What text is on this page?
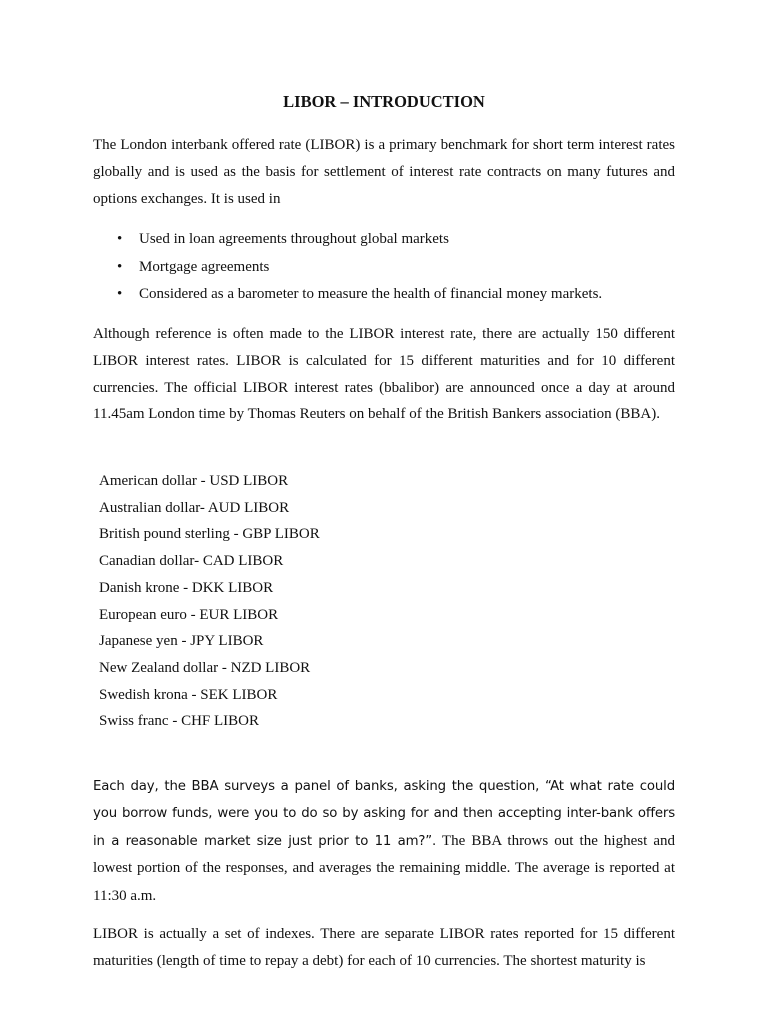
LIBOR – INTRODUCTION

The London interbank offered rate (LIBOR) is a primary benchmark for short term interest rates globally and is used as the basis for settlement of interest rate contracts on many futures and options exchanges. It is used in

• Used in loan agreements throughout global markets
• Mortgage agreements
• Considered as a barometer to measure the health of financial money markets.

Although reference is often made to the LIBOR interest rate, there are actually 150 different LIBOR interest rates. LIBOR is calculated for 15 different maturities and for 10 different currencies. The official LIBOR interest rates (bbalibor) are announced once a day at around 11.45am London time by Thomas Reuters on behalf of the British Bankers association (BBA).

American dollar - USD LIBOR
Australian dollar- AUD LIBOR
British pound sterling - GBP LIBOR
Canadian dollar- CAD LIBOR
Danish krone - DKK LIBOR
European euro - EUR LIBOR
Japanese yen - JPY LIBOR
New Zealand dollar - NZD LIBOR
Swedish krona - SEK LIBOR
Swiss franc - CHF LIBOR

Each day, the BBA surveys a panel of banks, asking the question, “At what rate could you borrow funds, were you to do so by asking for and then accepting inter-bank offers in a reasonable market size just prior to 11 am?”. The BBA throws out the highest and lowest portion of the responses, and averages the remaining middle. The average is reported at 11:30 a.m.

LIBOR is actually a set of indexes. There are separate LIBOR rates reported for 15 different maturities (length of time to repay a debt) for each of 10 currencies. The shortest maturity is
